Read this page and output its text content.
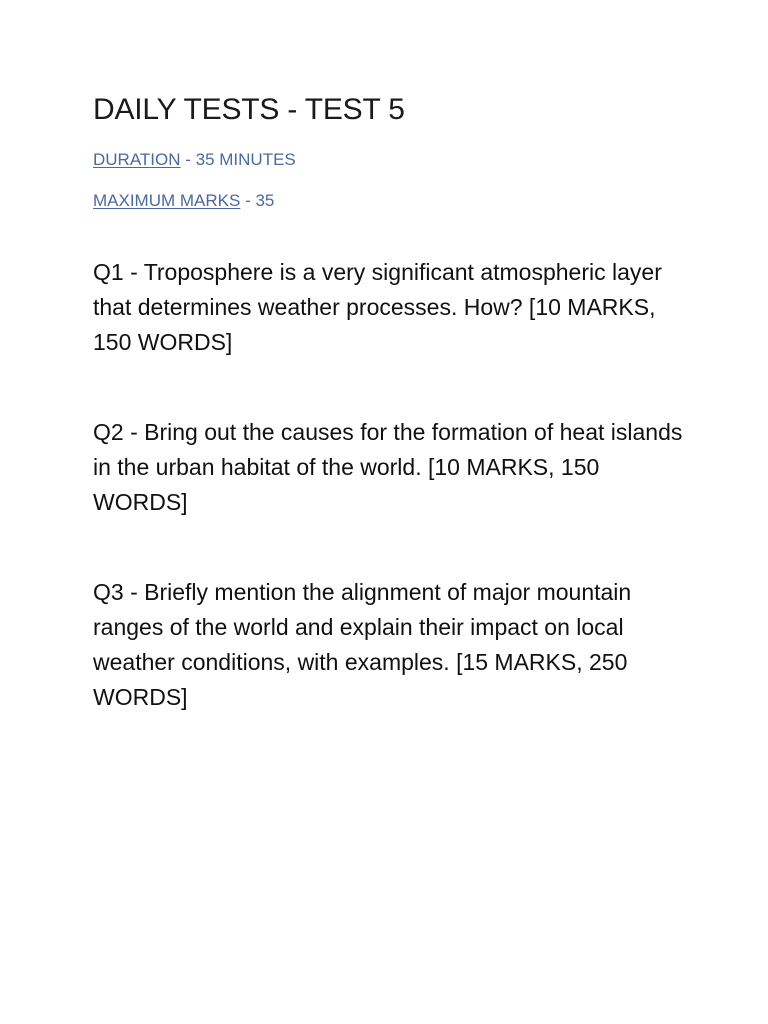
DAILY TESTS - TEST 5

DURATION - 35 MINUTES

MAXIMUM MARKS - 35

Q1 - Troposphere is a very significant atmospheric layer that determines weather processes. How? [10 MARKS, 150 WORDS]

Q2 - Bring out the causes for the formation of heat islands in the urban habitat of the world. [10 MARKS, 150 WORDS]

Q3 - Briefly mention the alignment of major mountain ranges of the world and explain their impact on local weather conditions, with examples. [15 MARKS, 250 WORDS]
